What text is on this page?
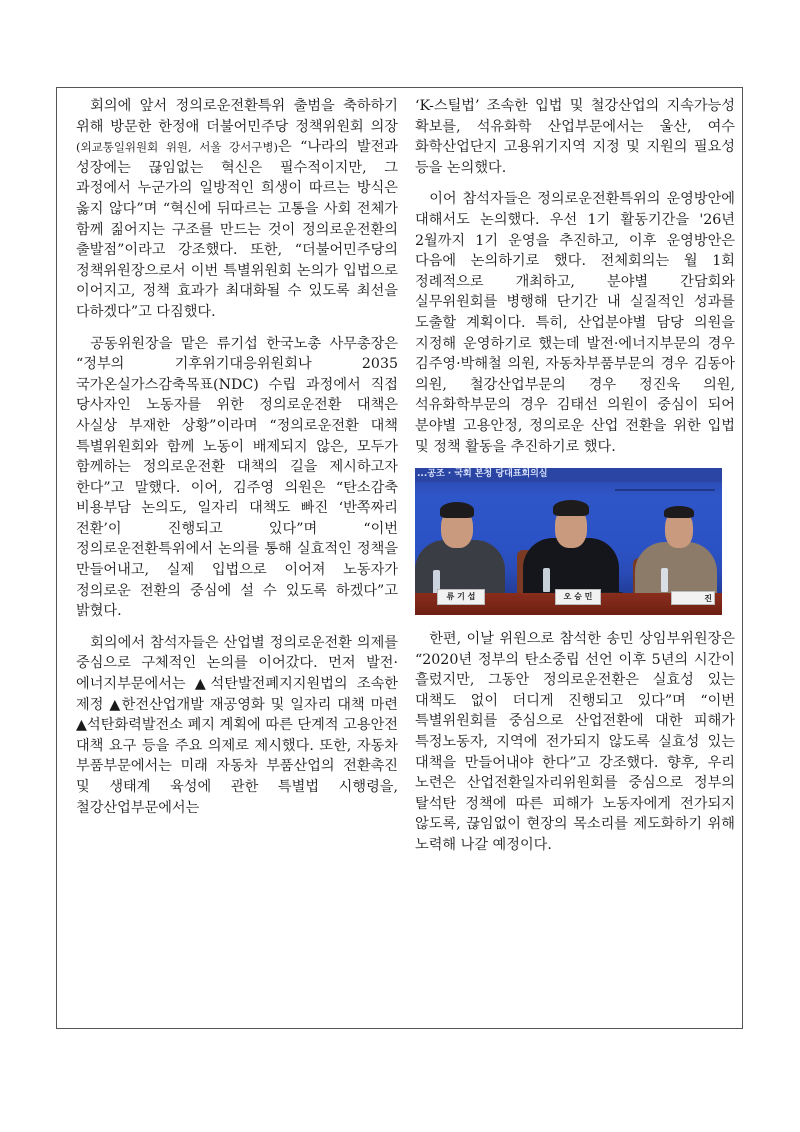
회의에 앞서 정의로운전환특위 출범을 축하하기 위해 방문한 한정애 더불어민주당 정책위원회 의장(외교통일위원회 위원, 서울 강서구병)은 “나라의 발전과 성장에는 끊임없는 혁신은 필수적이지만, 그 과정에서 누군가의 일방적인 희생이 따르는 방식은 옳지 않다”며 “혁신에 뒤따르는 고통을 사회 전체가 함께 짊어지는 구조를 만드는 것이 정의로운전환의 출발점”이라고 강조했다. 또한, “더불어민주당의 정책위원장으로서 이번 특별위원회 논의가 입법으로 이어지고, 정책 효과가 최대화될 수 있도록 최선을 다하겠다”고 다짐했다.

공동위원장을 맡은 류기섭 한국노총 사무총장은 “정부의 기후위기대응위원회나 2035 국가온실가스감축목표(NDC) 수립 과정에서 직접 당사자인 노동자를 위한 정의로운전환 대책은 사실상 부재한 상황”이라며 “정의로운전환 대책 특별위원회와 함께 노동이 배제되지 않은, 모두가 함께하는 정의로운전환 대책의 길을 제시하고자 한다”고 말했다. 이어, 김주영 의원은 “탄소감축 비용부담 논의도, 일자리 대책도 빠진 ‘반쪽짜리 전환’이 진행되고 있다”며 “이번 정의로운전환특위에서 논의를 통해 실효적인 정책을 만들어내고, 실제 입법으로 이어져 노동자가 정의로운 전환의 중심에 설 수 있도록 하겠다”고 밝혔다.

회의에서 참석자들은 산업별 정의로운전환 의제를 중심으로 구체적인 논의를 이어갔다. 먼저 발전·에너지부문에서는 ▲석탄발전폐지지원법의 조속한 제정 ▲한전산업개발 재공영화 및 일자리 대책 마련 ▲석탄화력발전소 폐지 계획에 따른 단계적 고용안전 대책 요구 등을 주요 의제로 제시했다. 또한, 자동차 부품부문에서는 미래 자동차 부품산업의 전환촉진 및 생태계 육성에 관한 특별법 시행령을, 철강산업부문에서는

‘K-스틸법’ 조속한 입법 및 철강산업의 지속가능성 확보를, 석유화학 산업부문에서는 울산, 여수 화학산업단지 고용위기지역 지정 및 지원의 필요성 등을 논의했다.

이어 참석자들은 정의로운전환특위의 운영방안에 대해서도 논의했다. 우선 1기 활동기간을 '26년 2월까지 1기 운영을 추진하고, 이후 운영방안은 다음에 논의하기로 했다. 전체회의는 월 1회 정례적으로 개최하고, 분야별 간담회와 실무위원회를 병행해 단기간 내 실질적인 성과를 도출할 계획이다. 특히, 산업분야별 담당 의원을 지정해 운영하기로 했는데 발전·에너지부문의 경우 김주영·박해철 의원, 자동차부품부문의 경우 김동아 의원, 철강산업부문의 경우 정진욱 의원, 석유화학부문의 경우 김태선 의원이 중심이 되어 분야별 고용안정, 정의로운 산업 전환을 위한 입법 및 정책 활동을 추진하기로 했다.

...공조 · 국회 본청 당대표회의실
류 기 섭	오 승 민	진

한편, 이날 위원으로 참석한 송민 상임부위원장은 “2020년 정부의 탄소중립 선언 이후 5년의 시간이 흘렀지만, 그동안 정의로운전환은 실효성 있는 대책도 없이 더디게 진행되고 있다”며 “이번 특별위원회를 중심으로 산업전환에 대한 피해가 특정노동자, 지역에 전가되지 않도록 실효성 있는 대책을 만들어내야 한다”고 강조했다. 향후, 우리 노련은 산업전환일자리위원회를 중심으로 정부의 탈석탄 정책에 따른 피해가 노동자에게 전가되지 않도록, 끊임없이 현장의 목소리를 제도화하기 위해 노력해 나갈 예정이다.
